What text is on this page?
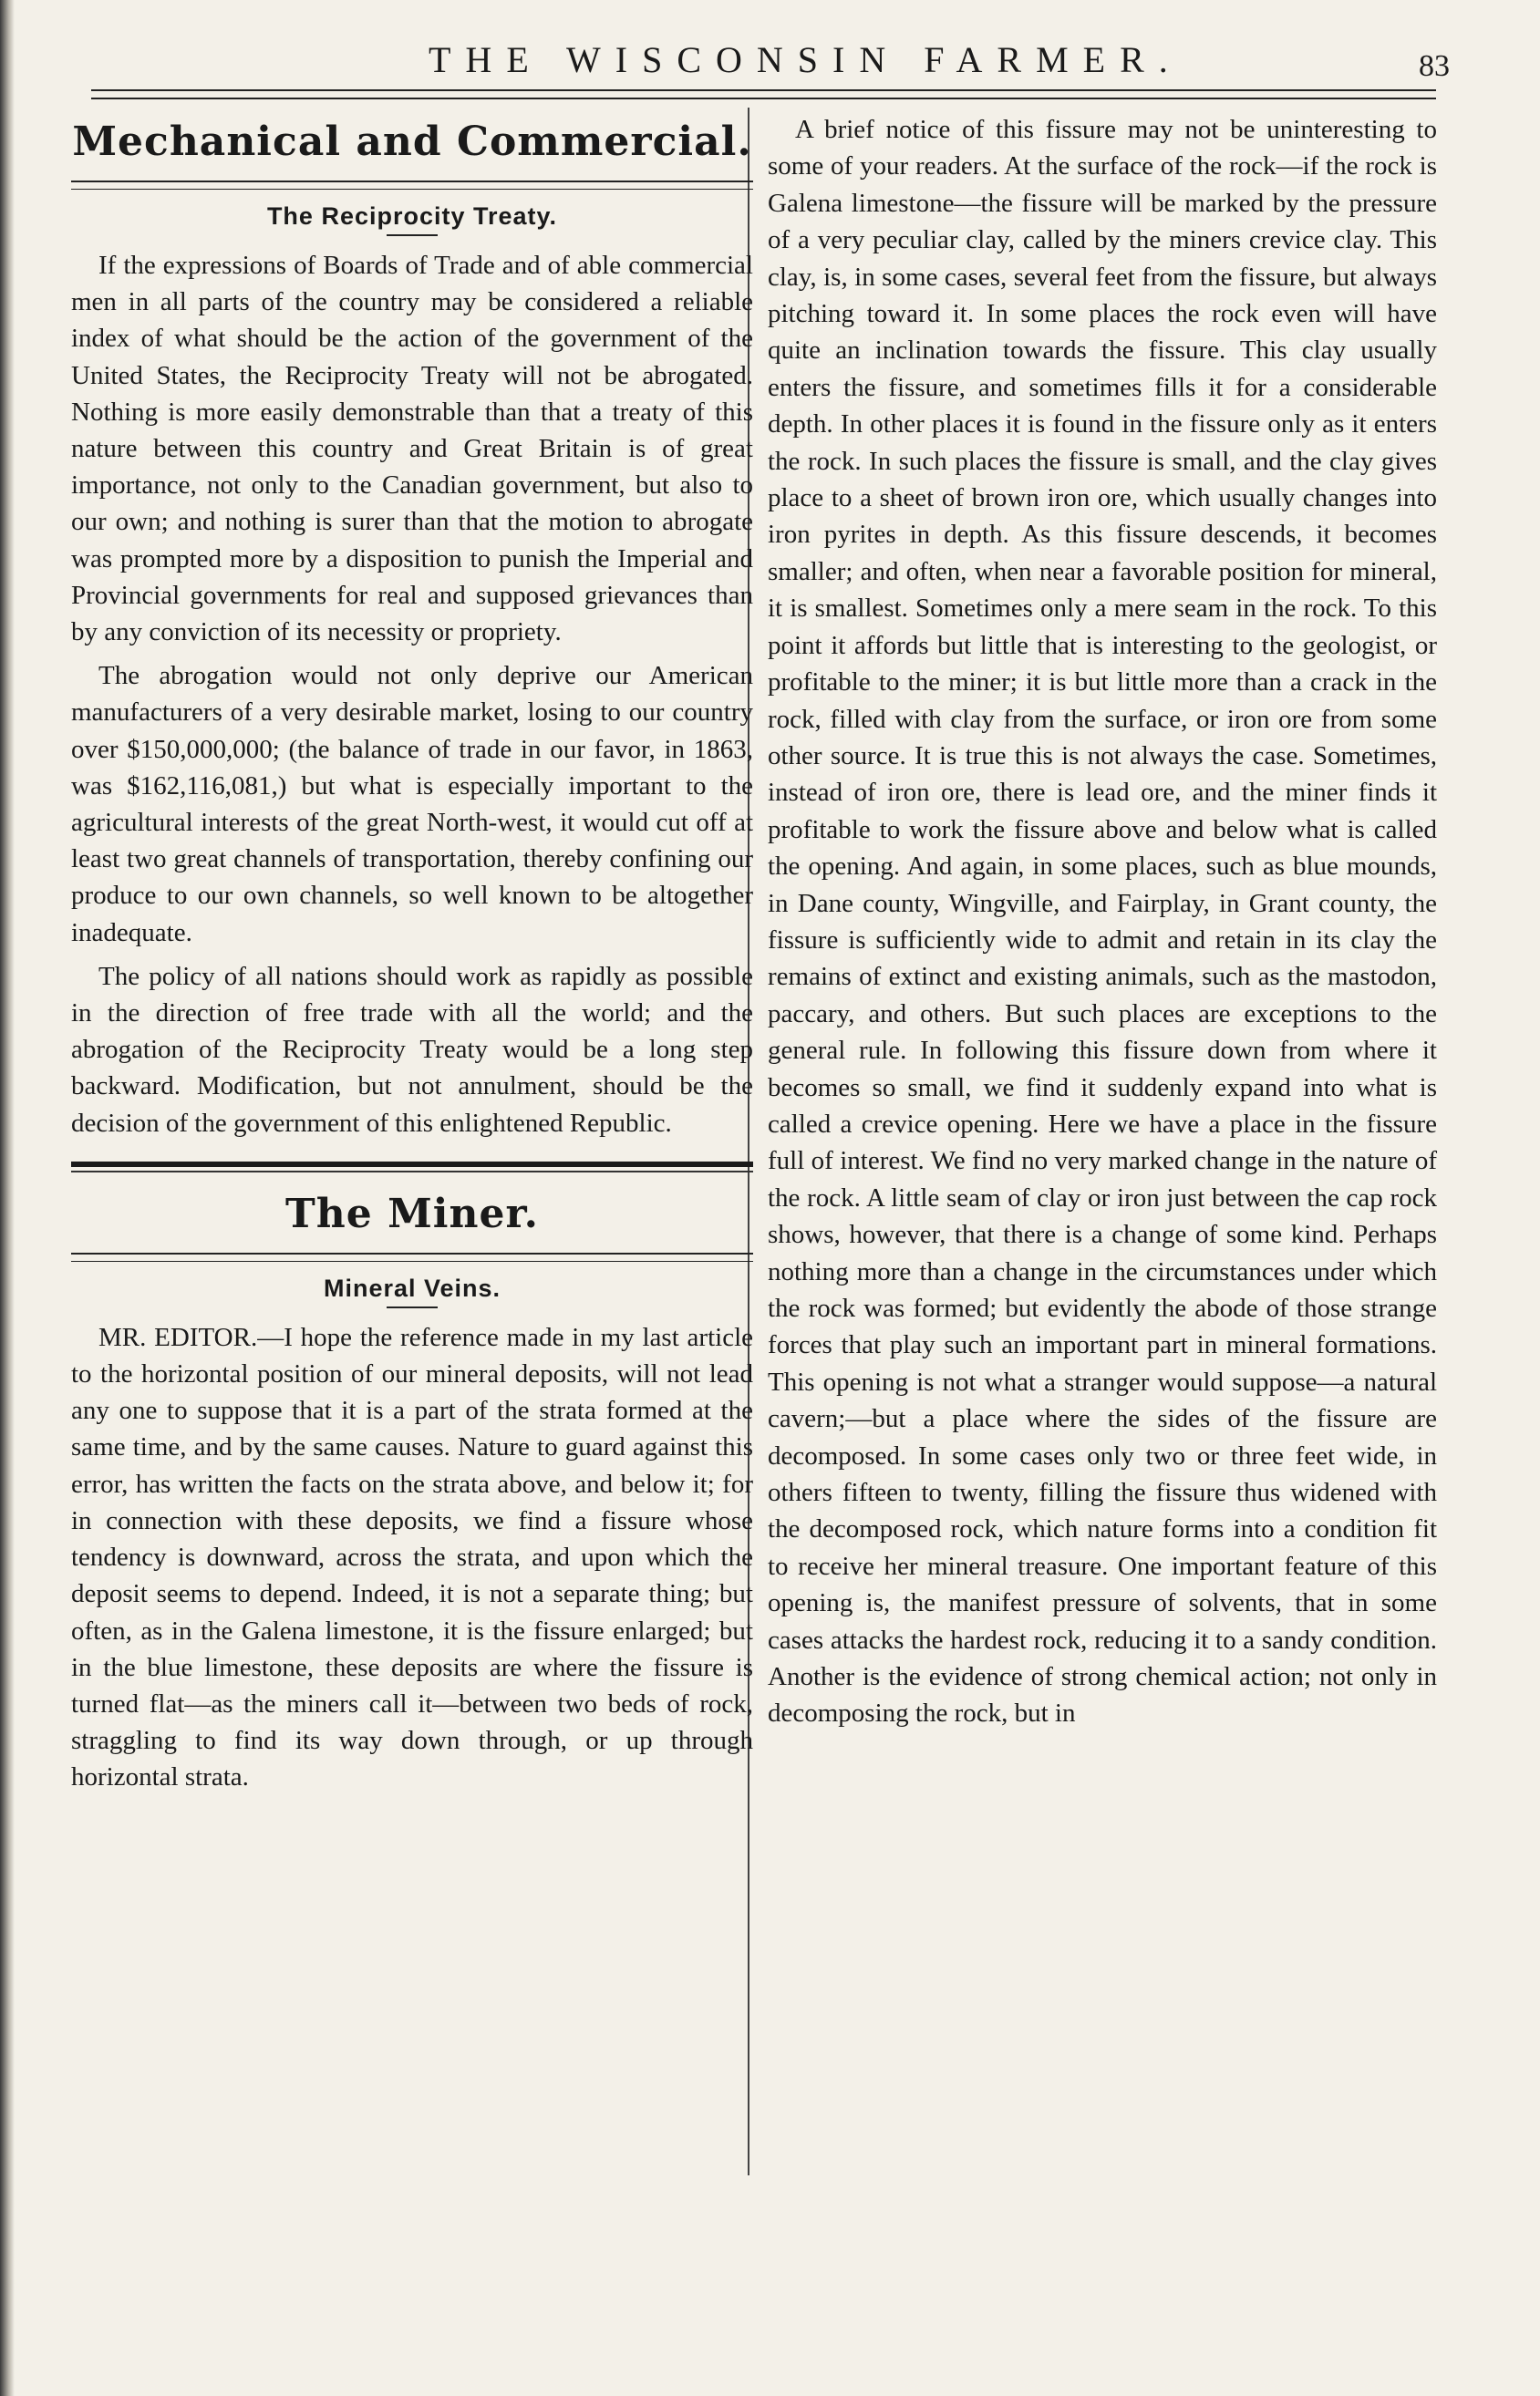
THE WISCONSIN FARMER.	83
Mechanical and Commercial.
The Reciprocity Treaty.

If the expressions of Boards of Trade and of able commercial men in all parts of the country may be considered a reliable index of what should be the action of the government of the United States, the Reciprocity Treaty will not be abrogated. Nothing is more easily demonstrable than that a treaty of this nature between this country and Great Britain is of great importance, not only to the Canadian government, but also to our own; and nothing is surer than that the motion to abrogate was prompted more by a disposition to punish the Imperial and Provincial governments for real and supposed grievances than by any conviction of its necessity or propriety.

The abrogation would not only deprive our American manufacturers of a very desirable market, losing to our country over $150,000,000; (the balance of trade in our favor, in 1863, was $162,116,081,) but what is especially important to the agricultural interests of the great North-west, it would cut off at least two great channels of transportation, thereby confining our produce to our own channels, so well known to be altogether inadequate.

The policy of all nations should work as rapidly as possible in the direction of free trade with all the world; and the abrogation of the Reciprocity Treaty would be a long step backward. Modification, but not annulment, should be the decision of the government of this enlightened Republic.

The Miner.
Mineral Veins.

MR. EDITOR.—I hope the reference made in my last article to the horizontal position of our mineral deposits, will not lead any one to suppose that it is a part of the strata formed at the same time, and by the same causes. Nature to guard against this error, has written the facts on the strata above, and below it; for in connection with these deposits, we find a fissure whose tendency is downward, across the strata, and upon which the deposit seems to depend. Indeed, it is not a separate thing; but often, as in the Galena limestone, it is the fissure enlarged; but in the blue limestone, these deposits are where the fissure is turned flat—as the miners call it—between two beds of rock, straggling to find its way down through, or up through horizontal strata.

A brief notice of this fissure may not be uninteresting to some of your readers. At the surface of the rock—if the rock is Galena limestone—the fissure will be marked by the pressure of a very peculiar clay, called by the miners crevice clay. This clay, is, in some cases, several feet from the fissure, but always pitching toward it. In some places the rock even will have quite an inclination towards the fissure. This clay usually enters the fissure, and sometimes fills it for a considerable depth. In other places it is found in the fissure only as it enters the rock. In such places the fissure is small, and the clay gives place to a sheet of brown iron ore, which usually changes into iron pyrites in depth. As this fissure descends, it becomes smaller; and often, when near a favorable position for mineral, it is smallest. Sometimes only a mere seam in the rock. To this point it affords but little that is interesting to the geologist, or profitable to the miner; it is but little more than a crack in the rock, filled with clay from the surface, or iron ore from some other source. It is true this is not always the case. Sometimes, instead of iron ore, there is lead ore, and the miner finds it profitable to work the fissure above and below what is called the opening. And again, in some places, such as blue mounds, in Dane county, Wingville, and Fairplay, in Grant county, the fissure is sufficiently wide to admit and retain in its clay the remains of extinct and existing animals, such as the mastodon, paccary, and others. But such places are exceptions to the general rule. In following this fissure down from where it becomes so small, we find it suddenly expand into what is called a crevice opening. Here we have a place in the fissure full of interest. We find no very marked change in the nature of the rock. A little seam of clay or iron just between the cap rock shows, however, that there is a change of some kind. Perhaps nothing more than a change in the circumstances under which the rock was formed; but evidently the abode of those strange forces that play such an important part in mineral formations. This opening is not what a stranger would suppose—a natural cavern;—but a place where the sides of the fissure are decomposed. In some cases only two or three feet wide, in others fifteen to twenty, filling the fissure thus widened with the decomposed rock, which nature forms into a condition fit to receive her mineral treasure. One important feature of this opening is, the manifest pressure of solvents, that in some cases attacks the hardest rock, reducing it to a sandy condition. Another is the evidence of strong chemical action; not only in decomposing the rock, but in
